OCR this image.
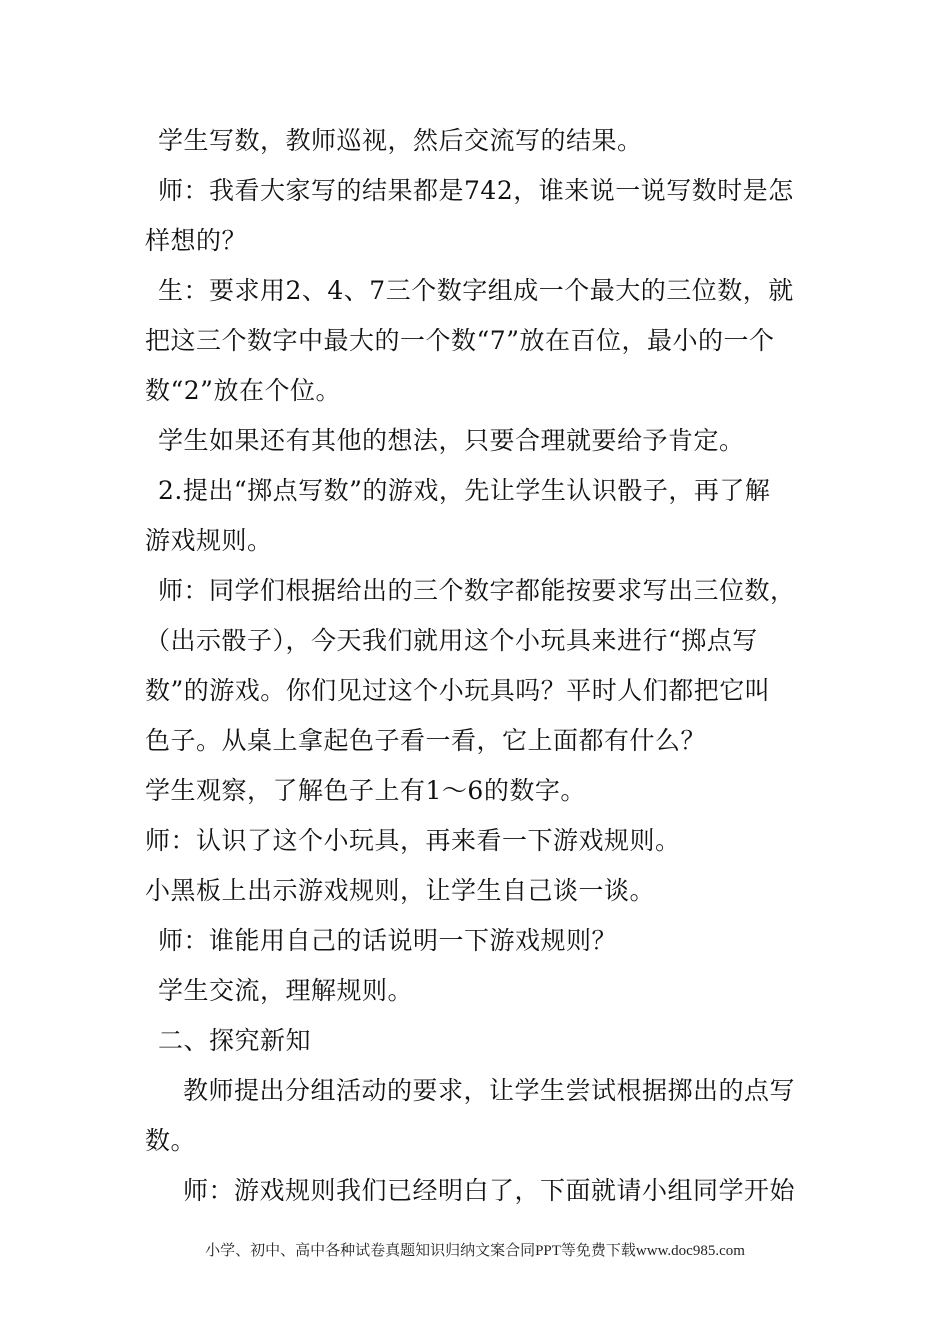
学生写数，教师巡视，然后交流写的结果。
师：我看大家写的结果都是742，谁来说一说写数时是怎
样想的？
生：要求用2、4、7三个数字组成一个最大的三位数，就
把这三个数字中最大的一个数“7”放在百位，最小的一个
数“2”放在个位。
学生如果还有其他的想法，只要合理就要给予肯定。
2.提出“掷点写数”的游戏，先让学生认识骰子，再了解
游戏规则。
师：同学们根据给出的三个数字都能按要求写出三位数，
（出示骰子），今天我们就用这个小玩具来进行“掷点写
数”的游戏。你们见过这个小玩具吗？平时人们都把它叫
色子。从桌上拿起色子看一看，它上面都有什么？
学生观察，了解色子上有1～6的数字。
师：认识了这个小玩具，再来看一下游戏规则。
小黑板上出示游戏规则，让学生自己谈一谈。
师：谁能用自己的话说明一下游戏规则？
学生交流，理解规则。
二、探究新知
教师提出分组活动的要求，让学生尝试根据掷出的点写
数。
师：游戏规则我们已经明白了，下面就请小组同学开始
小学、初中、高中各种试卷真题知识归纳文案合同PPT等免费下载www.doc985.com
